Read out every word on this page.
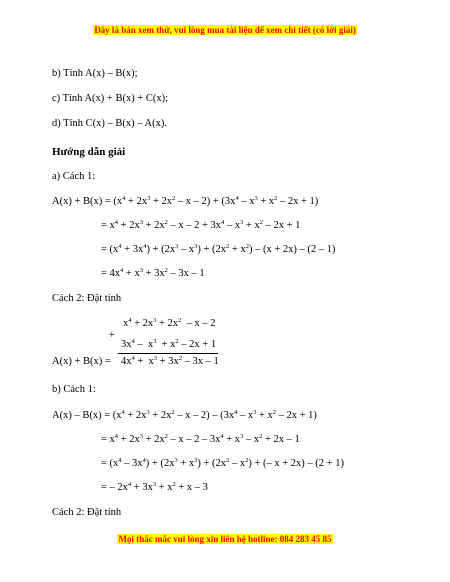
Đây là bản xem thử, vui lòng mua tài liệu để xem chi tiết (có lời giải)
b) Tính A(x) – B(x);
c) Tính A(x) + B(x) + C(x);
d) Tính C(x) – B(x) – A(x).
Hướng dẫn giải
a) Cách 1:
$A(x) + B(x) = (x^4 + 2x^3 + 2x^2 - x - 2) + (3x^4 - x^3 + x^2 - 2x + 1)$
= $x^4 + 2x^3 + 2x^2 - x - 2 + 3x^4 - x^3 + x^2 - 2x + 1$
= $(x^4 + 3x^4) + (2x^3 - x^3) + (2x^2 + x^2) - (x + 2x) - (2 - 1)$
= $4x^4 + x^3 + 3x^2 - 3x - 1$
Cách 2: Đặt tính
$x^4 + 2x^3 + 2x^2 - x - 2$
+
$3x^4 - x^3 + x^2 - 2x + 1$
$A(x) + B(x) = 4x^4 + x^3 + 3x^2 - 3x - 1$
b) Cách 1:
$A(x) - B(x) = (x^4 + 2x^3 + 2x^2 - x - 2) - (3x^4 - x^3 + x^2 - 2x + 1)$
= $x^4 + 2x^3 + 2x^2 - x - 2 - 3x^4 + x^3 - x^2 + 2x - 1$
= $(x^4 - 3x^4) + (2x^3 + x^3) + (2x^2 - x^2)$ + (– x + 2x) – (2 + 1)
= – $2x^4 + 3x^3 + x^2 + x - 3$
Cách 2: Đặt tính
Mọi thắc mắc vui lòng xin liên hệ hotline: 084 283 45 85
